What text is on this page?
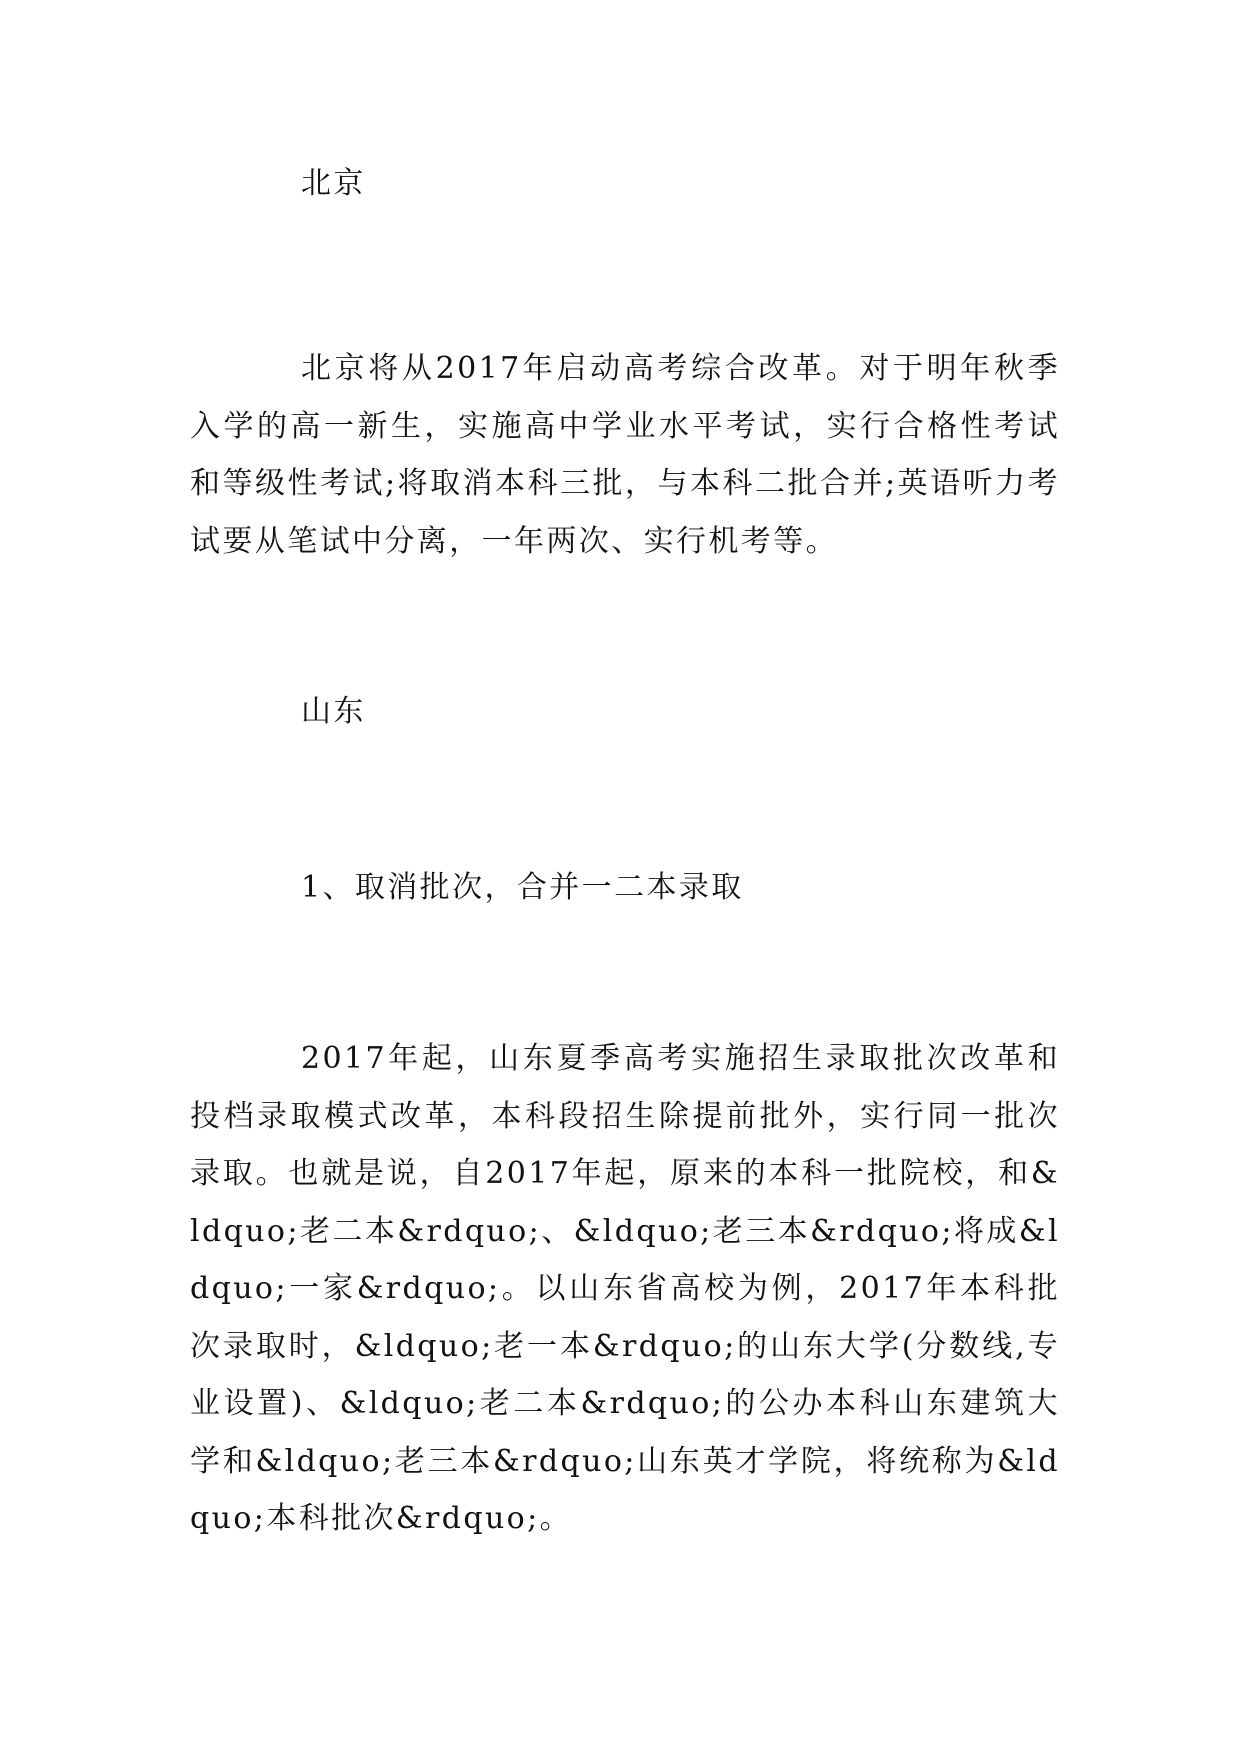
北京

北京将从2017年启动高考综合改革。对于明年秋季入学的高一新生，实施高中学业水平考试，实行合格性考试和等级性考试;将取消本科三批，与本科二批合并;英语听力考试要从笔试中分离，一年两次、实行机考等。

山东

1、取消批次，合并一二本录取

2017年起，山东夏季高考实施招生录取批次改革和投档录取模式改革，本科段招生除提前批外，实行同一批次录取。也就是说，自2017年起，原来的本科一批院校，和&ldquo;老二本&rdquo;、&ldquo;老三本&rdquo;将成&ldquo;一家&rdquo;。以山东省高校为例，2017年本科批次录取时，&ldquo;老一本&rdquo;的山东大学(分数线,专业设置)、&ldquo;老二本&rdquo;的公办本科山东建筑大学和&ldquo;老三本&rdquo;山东英才学院，将统称为&ldquo;本科批次&rdquo;。
